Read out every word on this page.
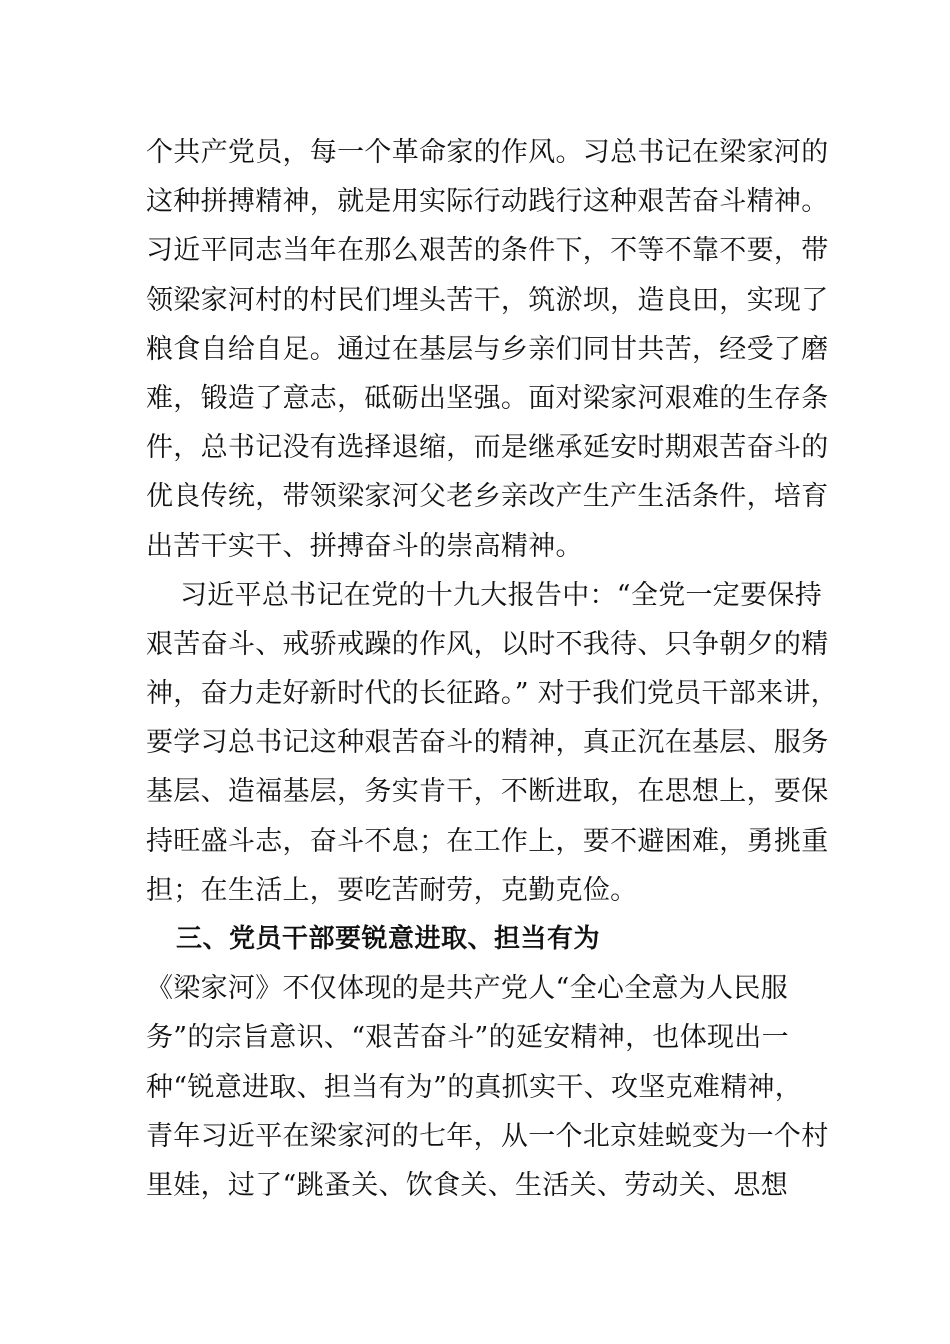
个共产党员，每一个革命家的作风。习总书记在梁家河的
这种拼搏精神，就是用实际行动践行这种艰苦奋斗精神。
习近平同志当年在那么艰苦的条件下，不等不靠不要，带
领梁家河村的村民们埋头苦干，筑淤坝，造良田，实现了
粮食自给自足。通过在基层与乡亲们同甘共苦，经受了磨
难，锻造了意志，砥砺出坚强。面对梁家河艰难的生存条
件，总书记没有选择退缩，而是继承延安时期艰苦奋斗的
优良传统，带领梁家河父老乡亲改产生产生活条件，培育
出苦干实干、拼搏奋斗的崇高精神。
习近平总书记在党的十九大报告中：“全党一定要保持
艰苦奋斗、戒骄戒躁的作风，以时不我待、只争朝夕的精
神，奋力走好新时代的长征路。” 对于我们党员干部来讲，
要学习总书记这种艰苦奋斗的精神，真正沉在基层、服务
基层、造福基层，务实肯干，不断进取，在思想上，要保
持旺盛斗志，奋斗不息；在工作上，要不避困难，勇挑重
担；在生活上，要吃苦耐劳，克勤克俭。
三、党员干部要锐意进取、担当有为
《梁家河》不仅体现的是共产党人“全心全意为人民服
务”的宗旨意识、“艰苦奋斗”的延安精神，也体现出一
种“锐意进取、担当有为”的真抓实干、攻坚克难精神，
青年习近平在梁家河的七年，从一个北京娃蜕变为一个村
里娃，过了“跳蚤关、饮食关、生活关、劳动关、思想
